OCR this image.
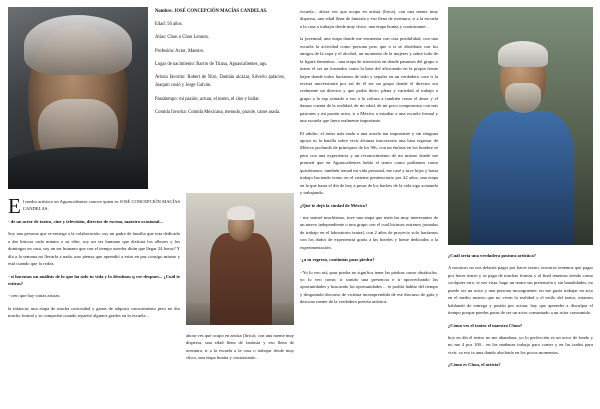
Nombre: JOSÉ CONCEPCIÓN MACÍAS CANDELAS.

Edad: 56 años.

Alias: Chon o Chon Lennon.

Profesión: Actor, Maestro.

Lugar de nacimiento: Barrio de Triana, Aguascalientes, ags.

Artista favorito: Robert de Niro, Damián alcázar, Silverio palacios, Joaquín cosió y Jorge Galván.

Pasatiempo: mi pasión; actuar, el teatro, el cine y bailar.

Comida favorita: Comida Mexicana, menudo, pozole, carne asada.

El medio artístico en Aguascalientes conoce quien es JOSÉ CONCEPCIÓN MACÍAS CANDELAS:

- de un actor de teatro, cine y televisión, director de escena, maestro ocasional...

Soy una persona que se entrega a la colaboración, soy un padre de familia que esta dedicado a dar brincar cada minuto a su elite, soy un ser humano que disfruta los albores y los domingos en casa, soy un ser humano que con el tiempo ustedes dirán que llegar 24 horas? Y día a la semana no llevarla a nada, uno piensa que aprendió a estar en paz consigo mismo y está cuando que lo rodea.

- si hacemos un análisis de lo que ha sido tu vida y lo divulmos q ver despues... ¿Cuál te estiras?

- creo que hay varias aristas:

la infancia; una etapa de mucha curiosidad y ganas de adquirir conocimiento pero no dio mucho formal y se comprobó cuando repartió algunos grados en la escuela...

ahora ves que ocupo en artista (lírica), con una mente muy dispersa, una edad llena de fantasía y eso llena de aventura, ir a la escuela a la casa o trabajar desde muy chico, una etapa bonita y contrastante...

escuela... ahora ves que ocupo en artista (lírica), con una mente muy dispersa, una edad llena de fantasía y eso llena de aventura, ir a la escuela a la casa o trabajar desde muy chico, una etapa bonita y contrastante...

la juventud; una etapa donde me encuentra con otra posibilidad, con una escuela la actividad como persona pero que a si se distribuía con los amigos de la copa y el alcohol, un momento de la mujeres y sobre todo de la figura femenina... una etapa de transición en donde pasamos del grupo o teatro el ser un formador como la base del aficionado en la propia frente bajen donde todos hacíamos de todo y sepulto en un verdadero cace ir la revista universitaria por así de él ser un grupo donde el director era realmente un director y que podía decir; plena y variedad al trabajo a grupo a la esp actuado a eso a la coltura a también como el ámor y el damos cuenta de la realidad, de mi edad, de mi poco compromiso con mis pasiones y mi pasión actor, ir a México a estudiar a una escuela formal y una escuela que fuera realmente importante.

El adulto; el áreas más nada a una acuela tan importante y sin ninguna apoyo ni la batalla sobre vivir alcanza inaccesorio una biza regresar de México profundo de principios de los 90s, con un énfasis en los hombre se pero con una experiencia y un reconocimiento de mi mismo donde me prometí que en Aguascalientes había el teatro como podíamos como quisiéramos, también tomad mi vida personal, me casé y tuve hijos y hasta trabajo haciendo teatro en el sistema penitenciario por 22 años, una etapa en la que hasta el día de hoy a pesar de los baches de la vida sigo actuando y trabajando.

¿Qué te dejó la ciudad de México?

- me sentiré muchísimo, tuve una etapa que tenía las muy interesantes de un nuevo independiente o una grupo con el cual hicimos estrenos jornadas de trabajo en el laboratorio teatral, con 2 años de proyecto solo hacíamos con los dados de experiencia gratis a las hoteles y home dedicados a la experimentación.

-¿a tu regreso, continúas poar piedra?

- Yo lo veo así; poar piedra no significa tener las piedras como obstáculos, yo lo veo como; ir sonido una presencia e ir aprovechando las oportunidades y buscando las oportunidades ... te podría hablar del tiempo y desgastado discurso de victima incomprendida de ese discurso de gafa y descono niente de la verdadera poetisa artística.

¿Cuál sería una verdadera postura artística?

A nosotros no nos debería pagar por hacer teatro, nosotros tenemos que pagar por hacer teatro y se paga de muchas formas y al final tenemos siendo como coolquier otro, te ves vista, hago un teatro sin pretensión y sin banalidades, no puedo ser un actor y una persona incongruente, no me gusta trabajar en acto en el medio muerto que no viven la realidad y el estilo del teatro, estamos hablando de entrega y pasión por actuar, hay que aprender a disculpar el tiempo porque puedes pasar de ser un actor consumado a un actor consumido.

¿Cómo ves el teatro el maestro Chon?

hoy en día el teatro no me abandona, yo lo perfección es un actor de fondo y no me 4 por 100... en las mañanas trabajo para comer y en las tardes para vivir, so eso te ama dando alucharía en los pocos momentos.

¿Cómo es Chon, el artista?
